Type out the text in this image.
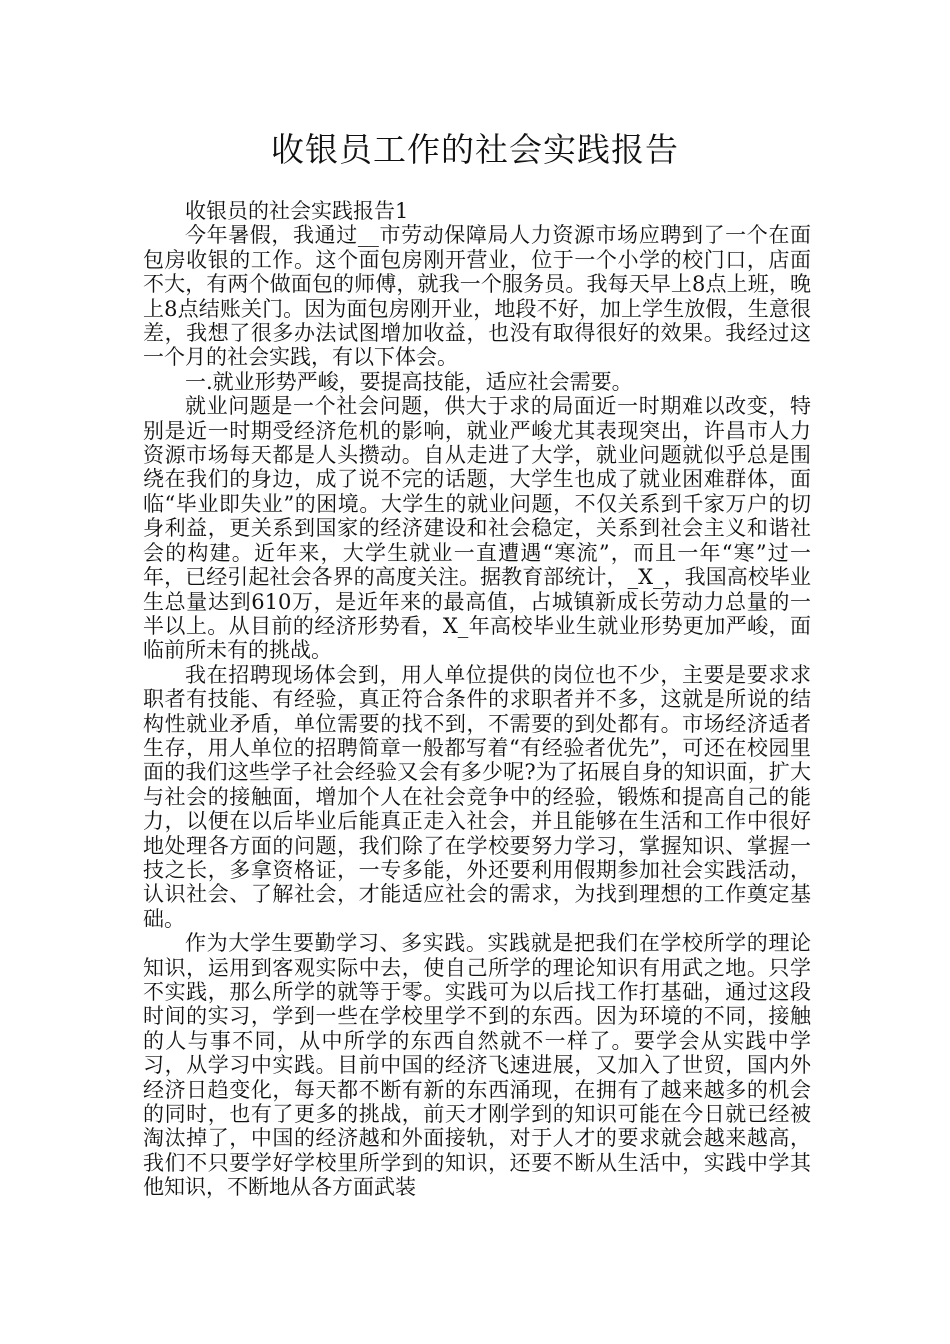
收银员工作的社会实践报告

收银员的社会实践报告1

今年暑假，我通过__市劳动保障局人力资源市场应聘到了一个在面包房收银的工作。这个面包房刚开营业，位于一个小学的校门口，店面不大，有两个做面包的师傅，就我一个服务员。我每天早上8点上班，晚上8点结账关门。因为面包房刚开业，地段不好，加上学生放假，生意很差，我想了很多办法试图增加收益，也没有取得很好的效果。我经过这一个月的社会实践，有以下体会。

一.就业形势严峻，要提高技能，适应社会需要。

就业问题是一个社会问题，供大于求的局面近一时期难以改变，特别是近一时期受经济危机的影响，就业严峻尤其表现突出，许昌市人力资源市场每天都是人头攒动。自从走进了大学，就业问题就似乎总是围绕在我们的身边，成了说不完的话题，大学生也成了就业困难群体，面临“毕业即失业”的困境。大学生的就业问题，不仅关系到千家万户的切身利益，更关系到国家的经济建设和社会稳定，关系到社会主义和谐社会的构建。近年来，大学生就业一直遭遇“寒流”，而且一年“寒”过一年，已经引起社会各界的高度关注。据教育部统计，_X_，我国高校毕业生总量达到610万，是近年来的最高值，占城镇新成长劳动力总量的一半以上。从目前的经济形势看，X_年高校毕业生就业形势更加严峻，面临前所未有的挑战。

我在招聘现场体会到，用人单位提供的岗位也不少，主要是要求求职者有技能、有经验，真正符合条件的求职者并不多，这就是所说的结构性就业矛盾，单位需要的找不到，不需要的到处都有。市场经济适者生存，用人单位的招聘简章一般都写着“有经验者优先”，可还在校园里面的我们这些学子社会经验又会有多少呢?为了拓展自身的知识面，扩大与社会的接触面，增加个人在社会竞争中的经验，锻炼和提高自己的能力，以便在以后毕业后能真正走入社会，并且能够在生活和工作中很好地处理各方面的问题，我们除了在学校要努力学习，掌握知识、掌握一技之长，多拿资格证，一专多能，外还要利用假期参加社会实践活动，认识社会、了解社会，才能适应社会的需求，为找到理想的工作奠定基础。

作为大学生要勤学习、多实践。实践就是把我们在学校所学的理论知识，运用到客观实际中去，使自己所学的理论知识有用武之地。只学不实践，那么所学的就等于零。实践可为以后找工作打基础，通过这段时间的实习，学到一些在学校里学不到的东西。因为环境的不同，接触的人与事不同，从中所学的东西自然就不一样了。要学会从实践中学习，从学习中实践。目前中国的经济飞速进展，又加入了世贸，国内外经济日趋变化，每天都不断有新的东西涌现，在拥有了越来越多的机会的同时，也有了更多的挑战，前天才刚学到的知识可能在今日就已经被淘汰掉了，中国的经济越和外面接轨，对于人才的要求就会越来越高，我们不只要学好学校里所学到的知识，还要不断从生活中，实践中学其他知识，不断地从各方面武装
